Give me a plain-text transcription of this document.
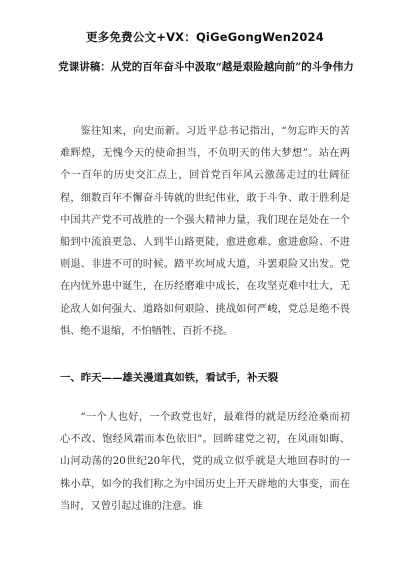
更多免费公文+VX：QiGeGongWen2024
党课讲稿：从党的百年奋斗中汲取“越是艰险越向前”的斗争伟力

鉴往知来，向史而新。习近平总书记指出，“勿忘昨天的苦难辉煌，无愧今天的使命担当，不负明天的伟大梦想”。站在两个一百年的历史交汇点上，回首党百年风云激荡走过的壮阔征程，细数百年不懈奋斗铸就的世纪伟业，敢于斗争、敢于胜利是中国共产党不可战胜的一个强大精神力量，我们现在是处在一个船到中流浪更急、人到半山路更陡，愈进愈难、愈进愈险、不进则退、非进不可的时候。踏平坎坷成大道，斗罢艰险又出发。党在内忧外患中诞生，在历经磨难中成长，在攻坚克难中壮大，无论敌人如何强大、道路如何艰险、挑战如何严峻，党总是绝不畏惧、绝不退缩，不怕牺牲、百折不挠。

一、昨天——雄关漫道真如铁，看试手，补天裂

“一个人也好，一个政党也好，最难得的就是历经沧桑而初心不改、饱经风霜而本色依旧”。回眸建党之初，在风雨如晦、山河动荡的20世纪20年代，党的成立似乎就是大地回春时的一株小草，如今的我们称之为中国历史上开天辟地的大事变，而在当时，又曾引起过谁的注意。谁
